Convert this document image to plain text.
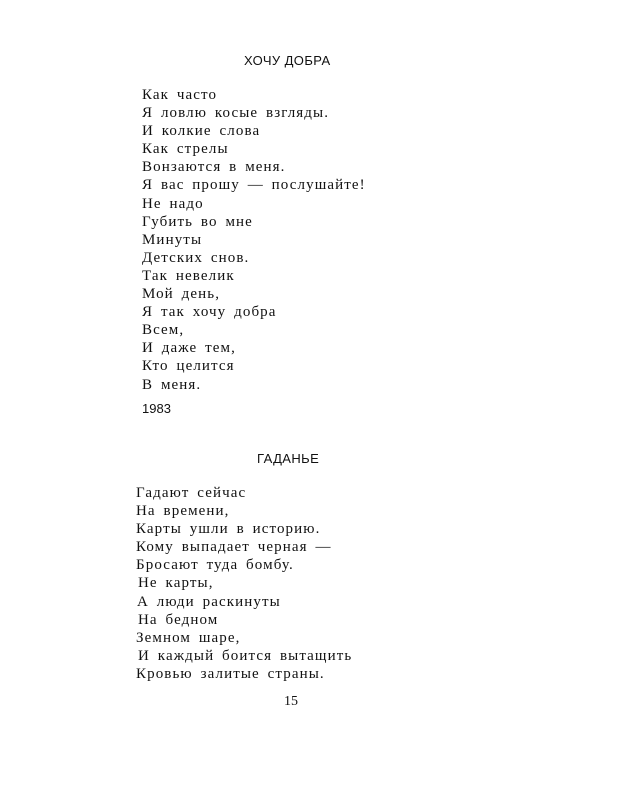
ХОЧУ ДОБРА
Как часто
Я ловлю косые взгляды.
И колкие слова
Как стрелы
Вонзаются в меня.
Я вас прошу — послушайте!
Не надо
Губить во мне
Минуты
Детских снов.
Так невелик
Мой день,
Я так хочу добра
Всем,
И даже тем,
Кто целится
В меня.
1983
ГАДАНЬЕ
Гадают сейчас
На времени,
Карты ушли в историю.
Кому выпадает черная —
Бросают туда бомбу.
Не карты,
А люди раскинуты
На бедном
Земном шаре,
И каждый боится вытащить
Кровью залитые страны.
15
